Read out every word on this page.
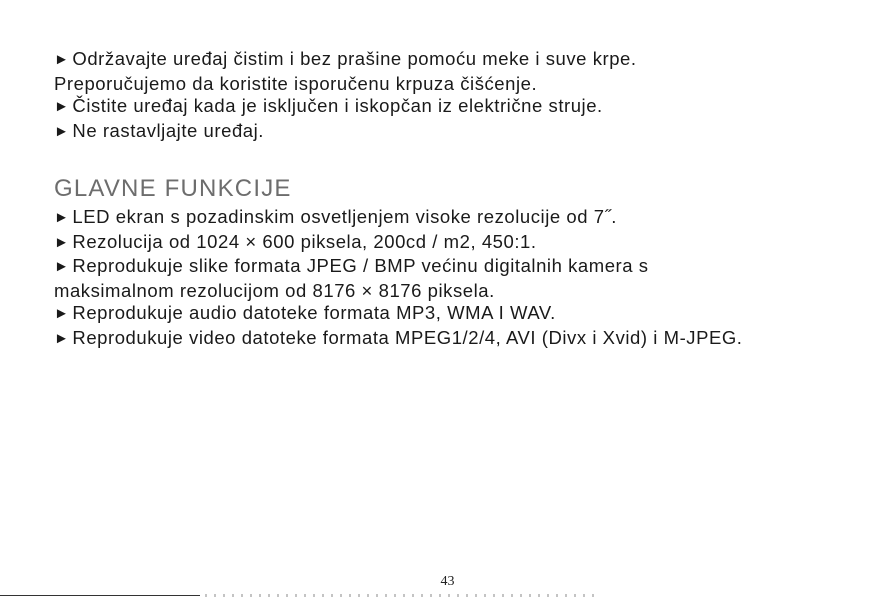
► Održavajte uređaj čistim i bez prašine pomoću meke i suve krpe.

Preporučujemo da koristite isporučenu krpuza čišćenje.

► Čistite uređaj kada je isključen i iskopčan iz električne struje.

► Ne rastavljajte uređaj.

GLAVNE FUNKCIJE

► LED ekran s pozadinskim osvetljenjem visoke rezolucije od 7˝.

► Rezolucija od 1024 × 600 piksela, 200cd / m2, 450:1.

► Reprodukuje slike formata JPEG / BMP većinu digitalnih kamera s

maksimalnom rezolucijom od 8176 × 8176 piksela.

► Reprodukuje audio datoteke formata MP3, WMA I WAV.

► Reprodukuje video datoteke formata MPEG1/2/4, AVI (Divx i Xvid) i M-JPEG.

43
